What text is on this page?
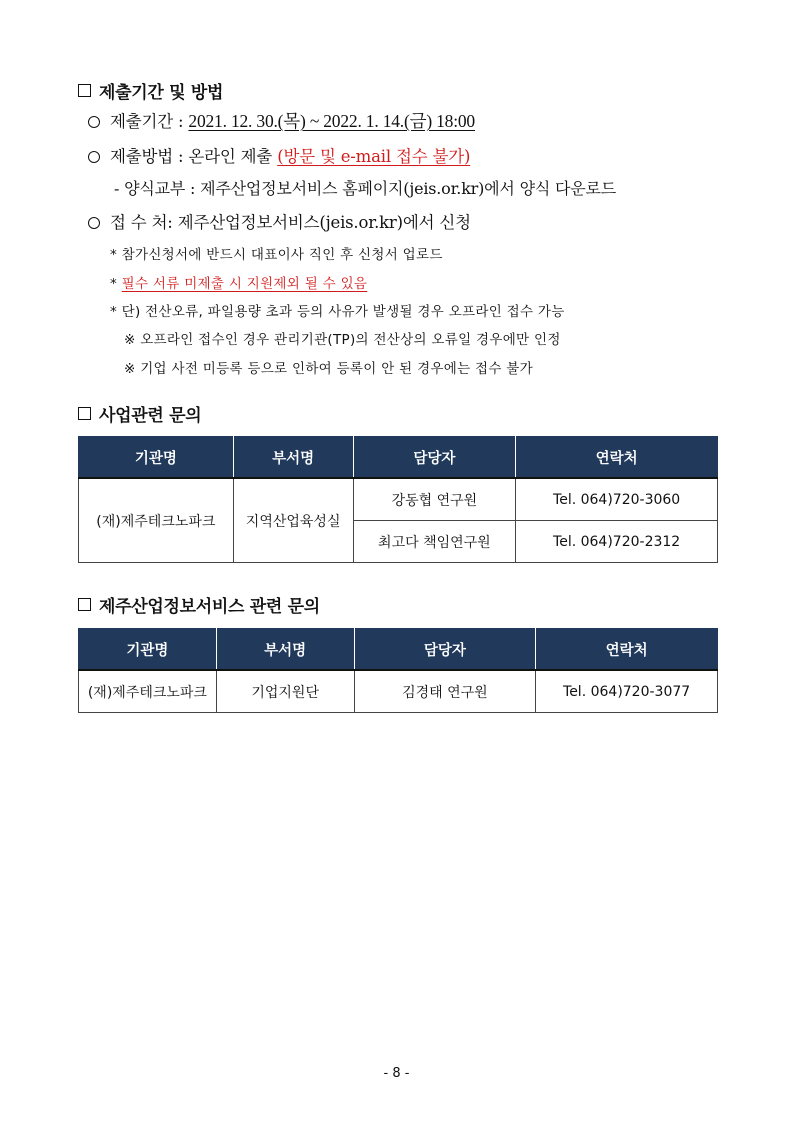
제출기간 및 방법
제출기간 : 2021. 12. 30.(목) ~ 2022. 1. 14.(금) 18:00
제출방법 : 온라인 제출 (방문 및 e-mail 접수 불가)
- 양식교부 : 제주산업정보서비스 홈페이지(jeis.or.kr)에서 양식 다운로드
접 수 처: 제주산업정보서비스(jeis.or.kr)에서 신청
* 참가신청서에 반드시 대표이사 직인 후 신청서 업로드
* 필수 서류 미제출 시 지원제외 될 수 있음
* 단) 전산오류, 파일용량 초과 등의 사유가 발생될 경우 오프라인 접수 가능
※ 오프라인 접수인 경우 관리기관(TP)의 전산상의 오류일 경우에만 인정
※ 기업 사전 미등록 등으로 인하여 등록이 안 된 경우에는 접수 불가
사업관련 문의
기관명	부서명	담당자	연락처
(재)제주테크노파크	지역산업육성실	강동협 연구원	Tel. 064)720-3060
		최고다 책임연구원	Tel. 064)720-2312
제주산업정보서비스 관련 문의
기관명	부서명	담당자	연락처
(재)제주테크노파크	기업지원단	김경태 연구원	Tel. 064)720-3077
- 8 -
